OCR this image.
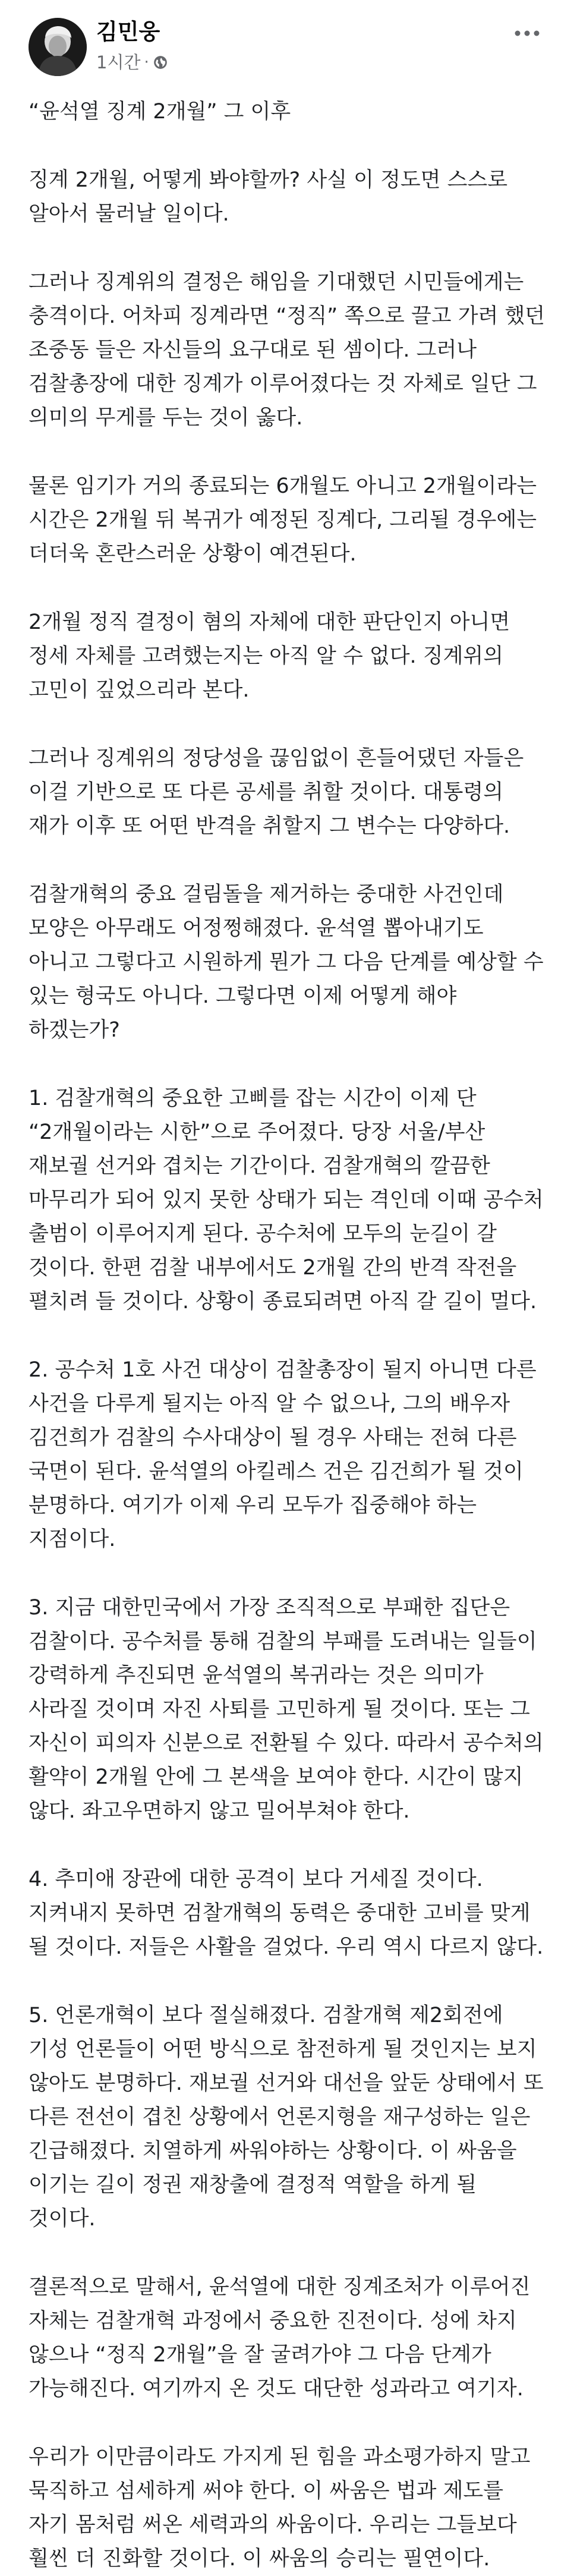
김민웅
1시간 ·

“윤석열 징계 2개월” 그 이후

징계 2개월, 어떻게 봐야할까? 사실 이 정도면 스스로 알아서 물러날 일이다.

그러나 징계위의 결정은 해임을 기대했던 시민들에게는 충격이다. 어차피 징계라면 “정직” 쪽으로 끌고 가려 했던 조중동 들은 자신들의 요구대로 된 셈이다. 그러나 검찰총장에 대한 징계가 이루어졌다는 것 자체로 일단 그 의미의 무게를 두는 것이 옳다.

물론 임기가 거의 종료되는 6개월도 아니고 2개월이라는 시간은 2개월 뒤 복귀가 예정된 징계다, 그리될 경우에는 더더욱 혼란스러운 상황이 예견된다.

2개월 정직 결정이 혐의 자체에 대한 판단인지 아니면 정세 자체를 고려했는지는 아직 알 수 없다. 징계위의 고민이 깊었으리라 본다.

그러나 징계위의 정당성을 끊임없이 흔들어댔던 자들은 이걸 기반으로 또 다른 공세를 취할 것이다. 대통령의 재가 이후 또 어떤 반격을 취할지 그 변수는 다양하다.

검찰개혁의 중요 걸림돌을 제거하는 중대한 사건인데 모양은 아무래도 어정쩡해졌다. 윤석열 뽑아내기도 아니고 그렇다고 시원하게 뭔가 그 다음 단계를 예상할 수 있는 형국도 아니다. 그렇다면 이제 어떻게 해야 하겠는가?

1. 검찰개혁의 중요한 고삐를 잡는 시간이 이제 단 “2개월이라는 시한”으로 주어졌다. 당장 서울/부산 재보궐 선거와 겹치는 기간이다. 검찰개혁의 깔끔한 마무리가 되어 있지 못한 상태가 되는 격인데 이때 공수처 출범이 이루어지게 된다. 공수처에 모두의 눈길이 갈 것이다. 한편 검찰 내부에서도 2개월 간의 반격 작전을 펼치려 들 것이다. 상황이 종료되려면 아직 갈 길이 멀다.

2. 공수처 1호 사건 대상이 검찰총장이 될지 아니면 다른 사건을 다루게 될지는 아직 알 수 없으나, 그의 배우자 김건희가 검찰의 수사대상이 될 경우 사태는 전혀 다른 국면이 된다. 윤석열의 아킬레스 건은 김건희가 될 것이 분명하다. 여기가 이제 우리 모두가 집중해야 하는 지점이다.

3. 지금 대한민국에서 가장 조직적으로 부패한 집단은 검찰이다. 공수처를 통해 검찰의 부패를 도려내는 일들이 강력하게 추진되면 윤석열의 복귀라는 것은 의미가 사라질 것이며 자진 사퇴를 고민하게 될 것이다. 또는 그 자신이 피의자 신분으로 전환될 수 있다. 따라서 공수처의 활약이 2개월 안에 그 본색을 보여야 한다. 시간이 많지 않다. 좌고우면하지 않고 밀어부쳐야 한다.

4. 추미애 장관에 대한 공격이 보다 거세질 것이다. 지켜내지 못하면 검찰개혁의 동력은 중대한 고비를 맞게 될 것이다. 저들은 사활을 걸었다. 우리 역시 다르지 않다.

5. 언론개혁이 보다 절실해졌다. 검찰개혁 제2회전에 기성 언론들이 어떤 방식으로 참전하게 될 것인지는 보지 않아도 분명하다. 재보궐 선거와 대선을 앞둔 상태에서 또 다른 전선이 겹친 상황에서 언론지형을 재구성하는 일은 긴급해졌다. 치열하게 싸워야하는 상황이다. 이 싸움을 이기는 길이 정권 재창출에 결정적 역할을 하게 될 것이다.

결론적으로 말해서, 윤석열에 대한 징계조처가 이루어진 자체는 검찰개혁 과정에서 중요한 진전이다. 성에 차지 않으나 “정직 2개월”을 잘 굴려가야 그 다음 단계가 가능해진다. 여기까지 온 것도 대단한 성과라고 여기자.

우리가 이만큼이라도 가지게 된 힘을 과소평가하지 말고 묵직하고 섬세하게 써야 한다. 이 싸움은 법과 제도를 자기 몸처럼 써온 세력과의 싸움이다. 우리는 그들보다 훨씬 더 진화할 것이다. 이 싸움의 승리는 필연이다.
